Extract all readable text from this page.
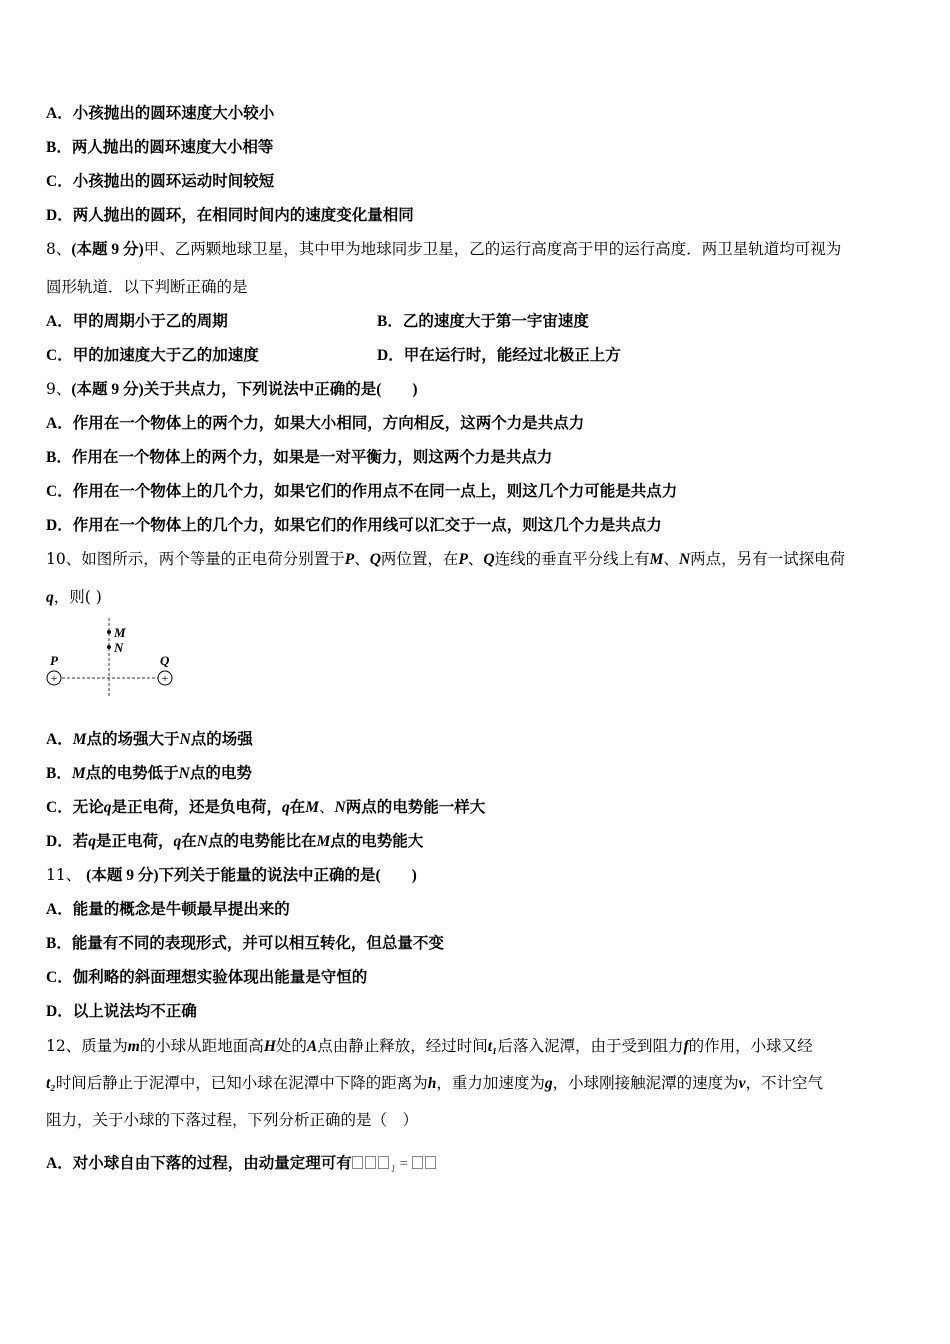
A．小孩抛出的圆环速度大小较小
B．两人抛出的圆环速度大小相等
C．小孩抛出的圆环运动时间较短
D．两人抛出的圆环，在相同时间内的速度变化量相同
8、(本题 9 分)甲、乙两颗地球卫星，其中甲为地球同步卫星，乙的运行高度高于甲的运行高度．两卫星轨道均可视为
圆形轨道．以下判断正确的是
A．甲的周期小于乙的周期	B．乙的速度大于第一宇宙速度
C．甲的加速度大于乙的加速度	D．甲在运行时，能经过北极正上方
9、(本题 9 分)关于共点力，下列说法中正确的是(　　)
A．作用在一个物体上的两个力，如果大小相同，方向相反，这两个力是共点力
B．作用在一个物体上的两个力，如果是一对平衡力，则这两个力是共点力
C．作用在一个物体上的几个力，如果它们的作用点不在同一点上，则这几个力可能是共点力
D．作用在一个物体上的几个力，如果它们的作用线可以汇交于一点，则这几个力是共点力
10、如图所示，两个等量的正电荷分别置于P、Q两位置，在P、Q连线的垂直平分线上有M、N两点，另有一试探电荷
q，则( )
M
N
+	+
P	Q
A．M点的场强大于N点的场强
B．M点的电势低于N点的电势
C．无论q是正电荷，还是负电荷，q在M、N两点的电势能一样大
D．若q是正电荷，q在N点的电势能比在M点的电势能大
11、 (本题 9 分)下列关于能量的说法中正确的是(　　)
A．能量的概念是牛顿最早提出来的
B．能量有不同的表现形式，并可以相互转化，但总量不变
C．伽利略的斜面理想实验体现出能量是守恒的
D．以上说法均不正确
12、质量为m的小球从距地面高H处的A点由静止释放，经过时间t₁后落入泥潭，由于受到阻力f的作用，小球又经
t₂时间后静止于泥潭中，已知小球在泥潭中下降的距离为h，重力加速度为g，小球刚接触泥潭的速度为v，不计空气
阻力，关于小球的下落过程，下列分析正确的是（　）
A．对小球自由下落的过程，由动量定理可有	$_1$ =
